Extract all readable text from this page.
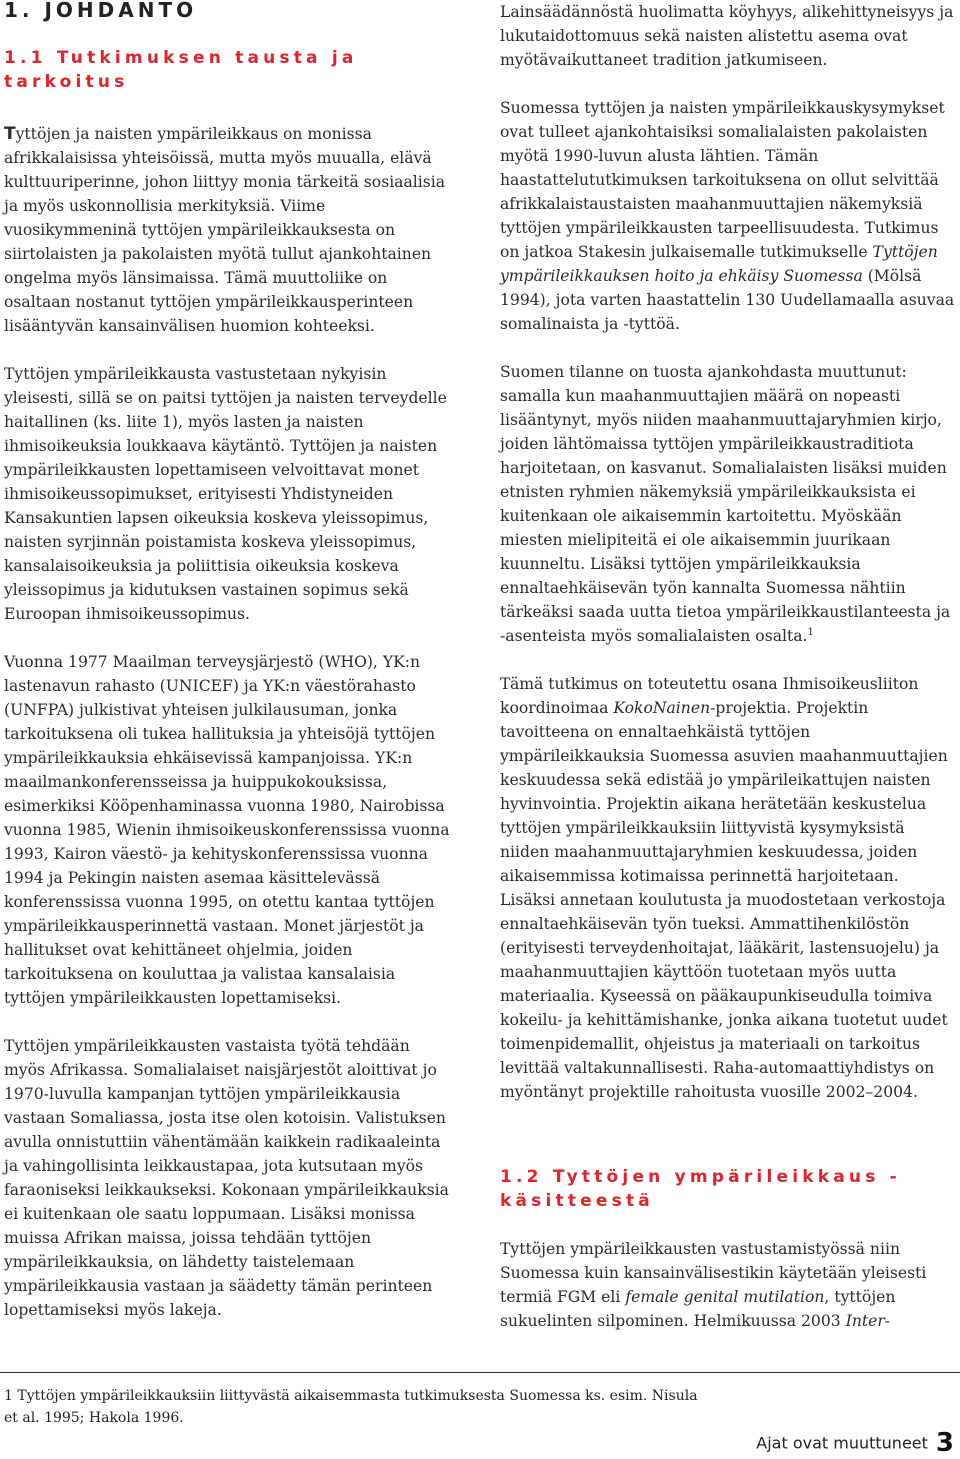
1. JOHDANTO
1.1 Tutkimuksen tausta ja tarkoitus

Tyttöjen ja naisten ympärileikkaus on monissa afrikkalaisissa yhteisöissä, mutta myös muualla, elävä kulttuuriperinne, johon liittyy monia tärkeitä sosiaalisia ja myös uskonnollisia merkityksiä. Viime vuosikymmeninä tyttöjen ympärileikkauksesta on siirtolaisten ja pakolaisten myötä tullut ajankohtainen ongelma myös länsimaissa. Tämä muuttoliike on osaltaan nostanut tyttöjen ympärileikkausperinteen lisääntyvän kansainvälisen huomion kohteeksi.

Tyttöjen ympärileikkausta vastustetaan nykyisin yleisesti, sillä se on paitsi tyttöjen ja naisten terveydelle haitallinen (ks. liite 1), myös lasten ja naisten ihmisoikeuksia loukkaava käytäntö. Tyttöjen ja naisten ympärileikkausten lopettamiseen velvoittavat monet ihmisoikeussopimukset, erityisesti Yhdistyneiden Kansakuntien lapsen oikeuksia koskeva yleissopimus, naisten syrjinnän poistamista koskeva yleissopimus, kansalaisoikeuksia ja poliittisia oikeuksia koskeva yleissopimus ja kidutuksen vastainen sopimus sekä Euroopan ihmisoikeussopimus.

Vuonna 1977 Maailman terveysjärjestö (WHO), YK:n lastenavun rahasto (UNICEF) ja YK:n väestörahasto (UNFPA) julkistivat yhteisen julkilausuman, jonka tarkoituksena oli tukea hallituksia ja yhteisöjä tyttöjen ympärileikkauksia ehkäisevissä kampanjoissa. YK:n maailmankonferensseissa ja huippukokouksissa, esimerkiksi Kööpenhaminassa vuonna 1980, Nairobissa vuonna 1985, Wienin ihmisoikeuskonferenssissa vuonna 1993, Kairon väestö- ja kehityskonferenssissa vuonna 1994 ja Pekingin naisten asemaa käsittelevässä konferenssissa vuonna 1995, on otettu kantaa tyttöjen ympärileikkausperinnettä vastaan. Monet järjestöt ja hallitukset ovat kehittäneet ohjelmia, joiden tarkoituksena on kouluttaa ja valistaa kansalaisia tyttöjen ympärileikkausten lopettamiseksi.

Tyttöjen ympärileikkausten vastaista työtä tehdään myös Afrikassa. Somalialaiset naisjärjestöt aloittivat jo 1970-luvulla kampanjan tyttöjen ympärileikkausia vastaan Somaliassa, josta itse olen kotoisin. Valistuksen avulla onnistuttiin vähentämään kaikkein radikaaleinta ja vahingollisinta leikkaustapaa, jota kutsutaan myös faraoniseksi leikkaukseksi. Kokonaan ympärileikkauksia ei kuitenkaan ole saatu loppumaan. Lisäksi monissa muissa Afrikan maissa, joissa tehdään tyttöjen ympärileikkauksia, on lähdetty taistelemaan ympärileikkausia vastaan ja säädetty tämän perinteen lopettamiseksi myös lakeja.

Lainsäädännöstä huolimatta köyhyys, alikehittyneisyys ja lukutaidottomuus sekä naisten alistettu asema ovat myötävaikuttaneet tradition jatkumiseen.

Suomessa tyttöjen ja naisten ympärileikkauskysymykset ovat tulleet ajankohtaisiksi somalialaisten pakolaisten myötä 1990-luvun alusta lähtien. Tämän haastattelututkimuksen tarkoituksena on ollut selvittää afrikkalaistaustaisten maahanmuuttajien näkemyksiä tyttöjen ympärileikkausten tarpeellisuudesta. Tutkimus on jatkoa Stakesin julkaisemalle tutkimukselle Tyttöjen ympärileikkauksen hoito ja ehkäisy Suomessa (Mölsä 1994), jota varten haastattelin 130 Uudellamaalla asuvaa somalinaista ja -tyttöä.

Suomen tilanne on tuosta ajankohdasta muuttunut: samalla kun maahanmuuttajien määrä on nopeasti lisääntynyt, myös niiden maahanmuuttajaryhmien kirjo, joiden lähtömaissa tyttöjen ympärileikkaustraditiota harjoitetaan, on kasvanut. Somalialaisten lisäksi muiden etnisten ryhmien näkemyksiä ympärileikkauksista ei kuitenkaan ole aikaisemmin kartoitettu. Myöskään miesten mielipiteitä ei ole aikaisemmin juurikaan kuunneltu. Lisäksi tyttöjen ympärileikkauksia ennaltaehkäisevän työn kannalta Suomessa nähtiin tärkeäksi saada uutta tietoa ympärileikkaustilanteesta ja -asenteista myös somalialaisten osalta.$^1$

Tämä tutkimus on toteutettu osana Ihmisoikeusliiton koordinoimaa KokoNainen-projektia. Projektin tavoitteena on ennaltaehkäistä tyttöjen ympärileikkauksia Suomessa asuvien maahanmuuttajien keskuudessa sekä edistää jo ympärileikattujen naisten hyvinvointia. Projektin aikana herätetään keskustelua tyttöjen ympärileikkauksiin liittyvistä kysymyksistä niiden maahanmuuttajaryhmien keskuudessa, joiden aikaisemmissa kotimaissa perinnettä harjoitetaan. Lisäksi annetaan koulutusta ja muodostetaan verkostoja ennaltaehkäisevän työn tueksi. Ammattihenkilöstön (erityisesti terveydenhoitajat, lääkärit, lastensuojelu) ja maahanmuuttajien käyttöön tuotetaan myös uutta materiaalia. Kyseessä on pääkaupunkiseudulla toimiva kokeilu- ja kehittämishanke, jonka aikana tuotetut uudet toimenpidemallit, ohjeistus ja materiaali on tarkoitus levittää valtakunnallisesti. Raha-automaattiyhdistys on myöntänyt projektille rahoitusta vuosille 2002–2004.

1.2 Tyttöjen ympärileikkaus -käsitteestä

Tyttöjen ympärileikkausten vastustamistyössä niin Suomessa kuin kansainvälisestikin käytetään yleisesti termiä FGM eli female genital mutilation, tyttöjen sukuelinten silpominen. Helmikuussa 2003 Inter-

1 Tyttöjen ympärileikkauksiin liittyvästä aikaisemmasta tutkimuksesta Suomessa ks. esim. Nisula et al. 1995; Hakola 1996.

Ajat ovat muuttuneet 3
